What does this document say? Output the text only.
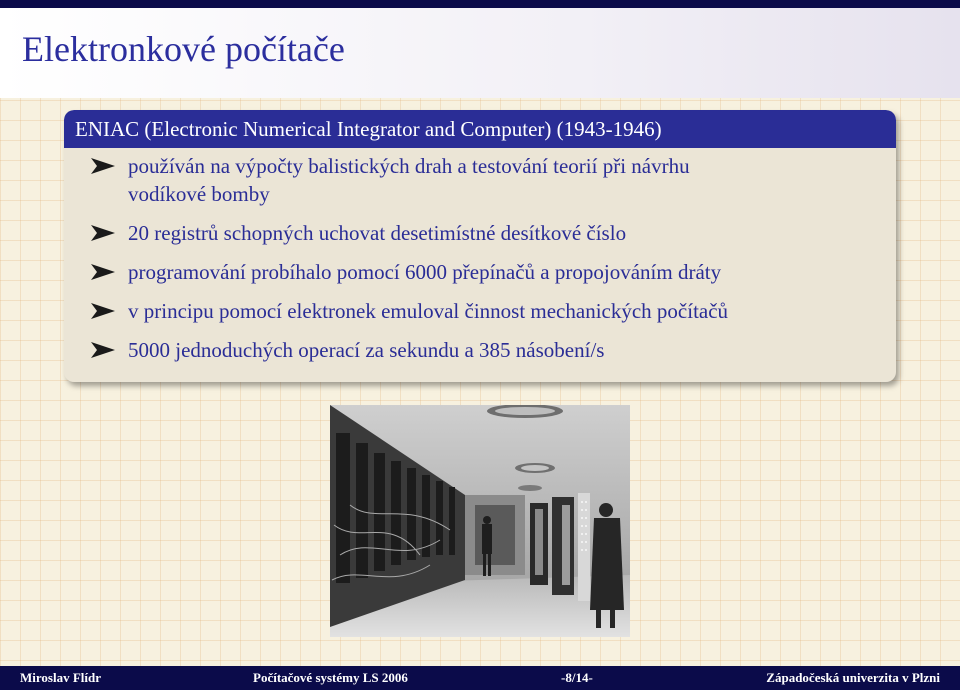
Elektronkové počítače
ENIAC (Electronic Numerical Integrator and Computer) (1943-1946)
používán na výpočty balistických drah a testování teorií při návrhu
vodíkové bomby
20 registrů schopných uchovat desetimístné desítkové číslo
programování probíhalo pomocí 6000 přepínačů a propojováním dráty
v principu pomocí elektronek emuloval činnost mechanických počítačů
5000 jednoduchých operací za sekundu a 385 násobení/s
Miroslav Flídr	Počítačové systémy LS 2006	-8/14-	Západočeská univerzita v Plzni
